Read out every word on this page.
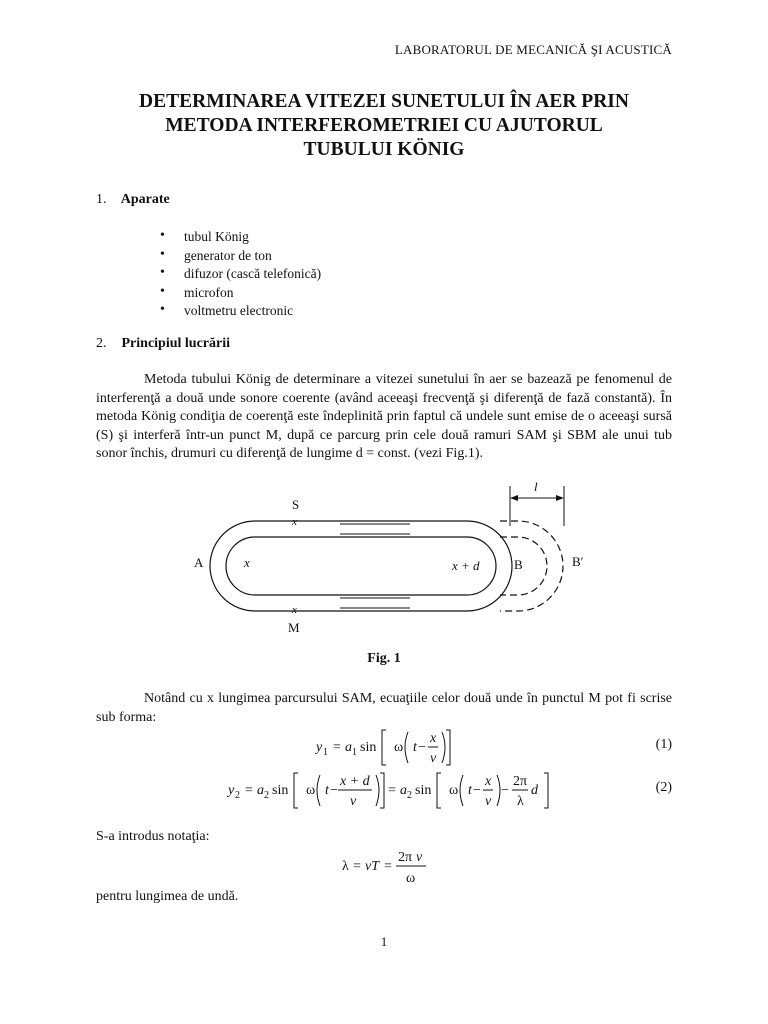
LABORATORUL DE MECANICĂ ŞI ACUSTICĂ
DETERMINAREA VITEZEI SUNETULUI ÎN AER PRIN
METODA INTERFEROMETRIEI CU AJUTORUL
TUBULUI KÖNIG
1. Aparate
• tubul König
• generator de ton
• difuzor (cască telefonică)
• microfon
• voltmetru electronic
2. Principiul lucrării
Metoda tubului König de determinare a vitezei sunetului în aer se bazează pe fenomenul de interferenţă a două unde sonore coerente (având aceeaşi frecvenţă şi diferenţă de fază constantă). În metoda König condiţia de coerenţă este îndeplinită prin faptul că undele sunt emise de o aceeaşi sursă (S) şi interferă într-un punct M, după ce parcurg prin cele două ramuri SAM şi SBM ale unui tub sonor închis, drumuri cu diferenţă de lungime d = const. (vezi Fig.1).
S
x
x
M
A	x	x + d	B	B′
l
Fig. 1
Notând cu x lungimea parcursului SAM, ecuaţiile celor două unde în punctul M pot fi scrise sub forma:
y 1 = a 1 sin ω t −
x
v
(1)
y 2 = a 2 sin ω t −
x + d
v
= a 2 sin ω t −
x
v
−
2π
λ
d	(2)
S-a introdus notaţia:
λ = vT =
2π v
ω
pentru lungimea de undă.
1
